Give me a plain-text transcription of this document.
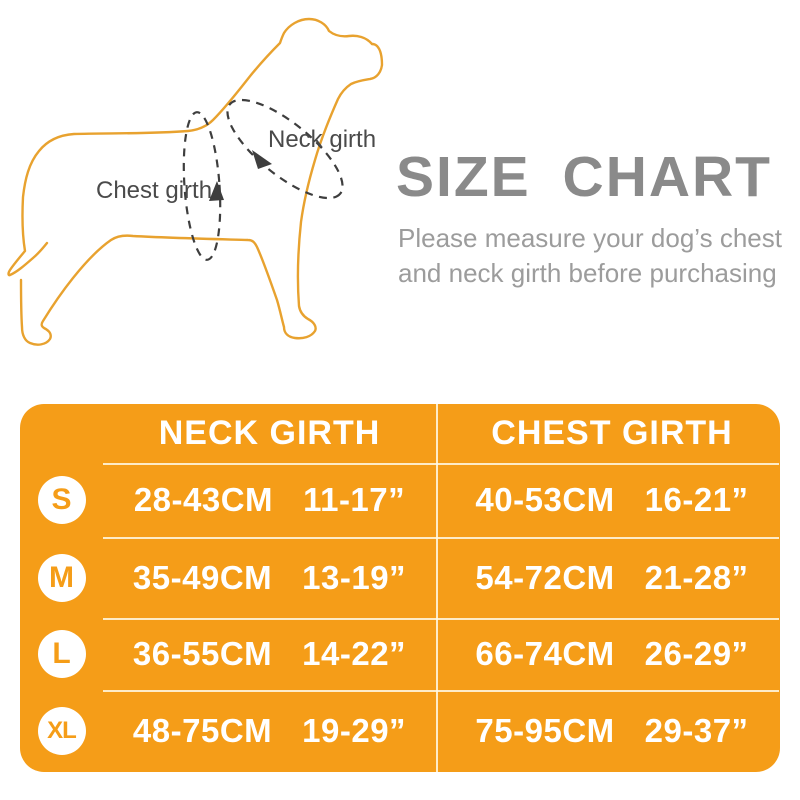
Chest girth
Neck girth
SIZE CHART
Please measure your dog’s chest
and neck girth before purchasing
NECK GIRTH	CHEST GIRTH
S	28-43CM 11-17” 40-53CM 16-21”
M	35-49CM 13-19” 54-72CM 21-28”
L	36-55CM 14-22” 66-74CM 26-29”
XL 48-75CM 19-29” 75-95CM 29-37”
